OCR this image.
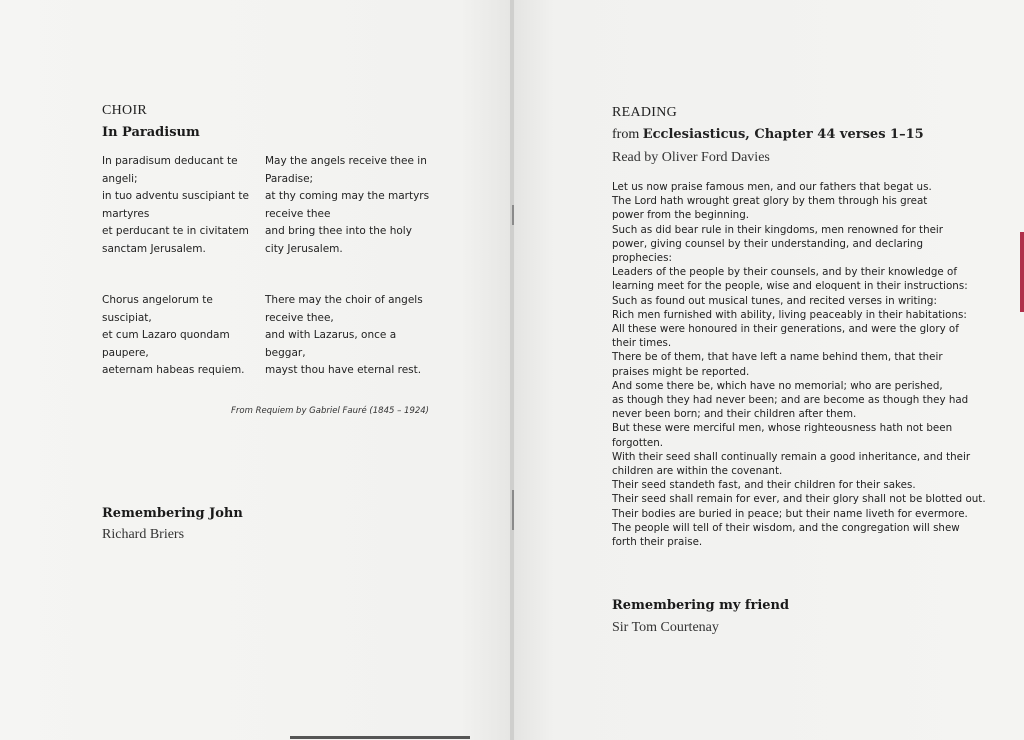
CHOIR
In Paradisum
In paradisum deducant te
angeli;
in tuo adventu suscipiant te
martyres
et perducant te in civitatem
sanctam Jerusalem.
May the angels receive thee in
Paradise;
at thy coming may the martyrs
receive thee
and bring thee into the holy
city Jerusalem.
Chorus angelorum te
suscipiat,
et cum Lazaro quondam
paupere,
aeternam habeas requiem.
There may the choir of angels
receive thee,
and with Lazarus, once a
beggar,
mayst thou have eternal rest.
From Requiem by Gabriel Fauré (1845 – 1924)
Remembering John
Richard Briers
READING
from Ecclesiasticus, Chapter 44 verses 1–15
Read by Oliver Ford Davies
Let us now praise famous men, and our fathers that begat us.
The Lord hath wrought great glory by them through his great
power from the beginning.
Such as did bear rule in their kingdoms, men renowned for their
power, giving counsel by their understanding, and declaring
prophecies:
Leaders of the people by their counsels, and by their knowledge of
learning meet for the people, wise and eloquent in their instructions:
Such as found out musical tunes, and recited verses in writing:
Rich men furnished with ability, living peaceably in their habitations:
All these were honoured in their generations, and were the glory of
their times.
There be of them, that have left a name behind them, that their
praises might be reported.
And some there be, which have no memorial; who are perished,
as though they had never been; and are become as though they had
never been born; and their children after them.
But these were merciful men, whose righteousness hath not been
forgotten.
With their seed shall continually remain a good inheritance, and their
children are within the covenant.
Their seed standeth fast, and their children for their sakes.
Their seed shall remain for ever, and their glory shall not be blotted out.
Their bodies are buried in peace; but their name liveth for evermore.
The people will tell of their wisdom, and the congregation will shew
forth their praise.
Remembering my friend
Sir Tom Courtenay
